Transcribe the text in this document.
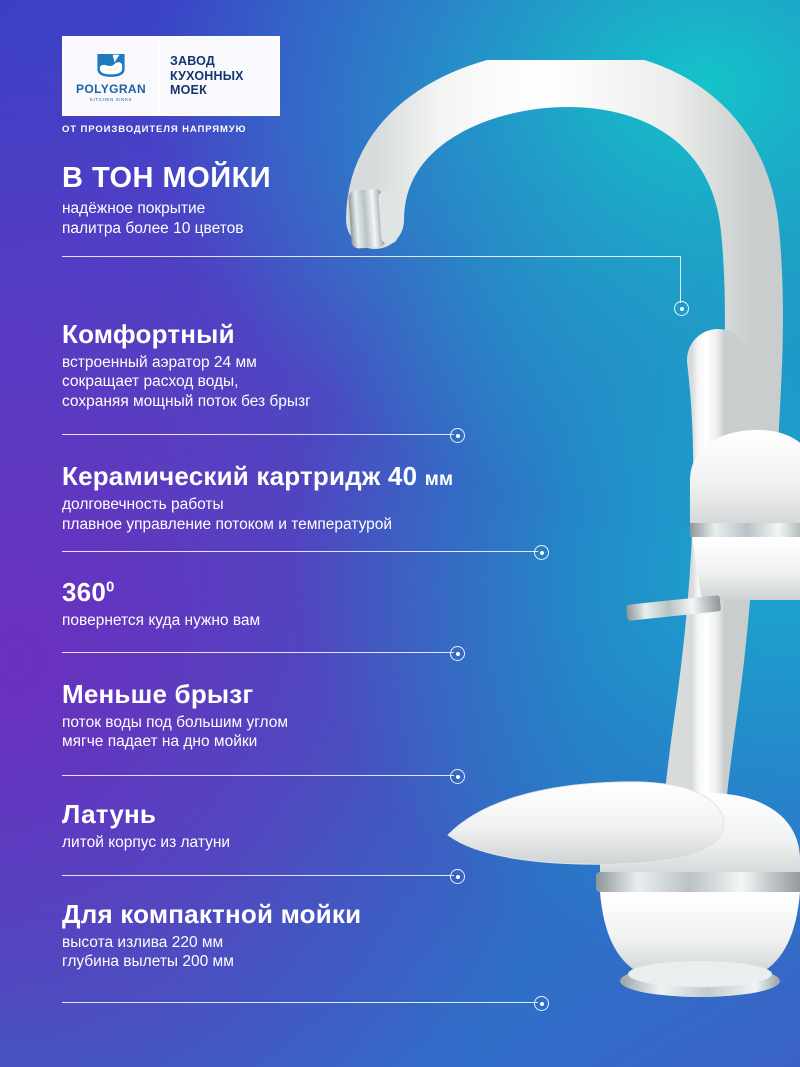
POLYGRAN
KITCHEN SINKS
ЗАВОД
КУХОННЫХ
МОЕК
ОТ ПРОИЗВОДИТЕЛЯ НАПРЯМУЮ
В ТОН МОЙКИ

надёжное покрытие

палитра более 10 цветов

Комфортный

встроенный аэратор 24 мм

сокращает расход воды,

сохраняя мощный поток без брызг

Керамический картридж 40 мм

долговечность работы

плавное управление потоком и температурой

$360^0$

повернется куда нужно вам

Меньше брызг

поток воды под большим углом

мягче падает на дно мойки

Латунь

литой корпус из латуни

Для компактной мойки

высота излива 220 мм

глубина вылеты 200 мм
